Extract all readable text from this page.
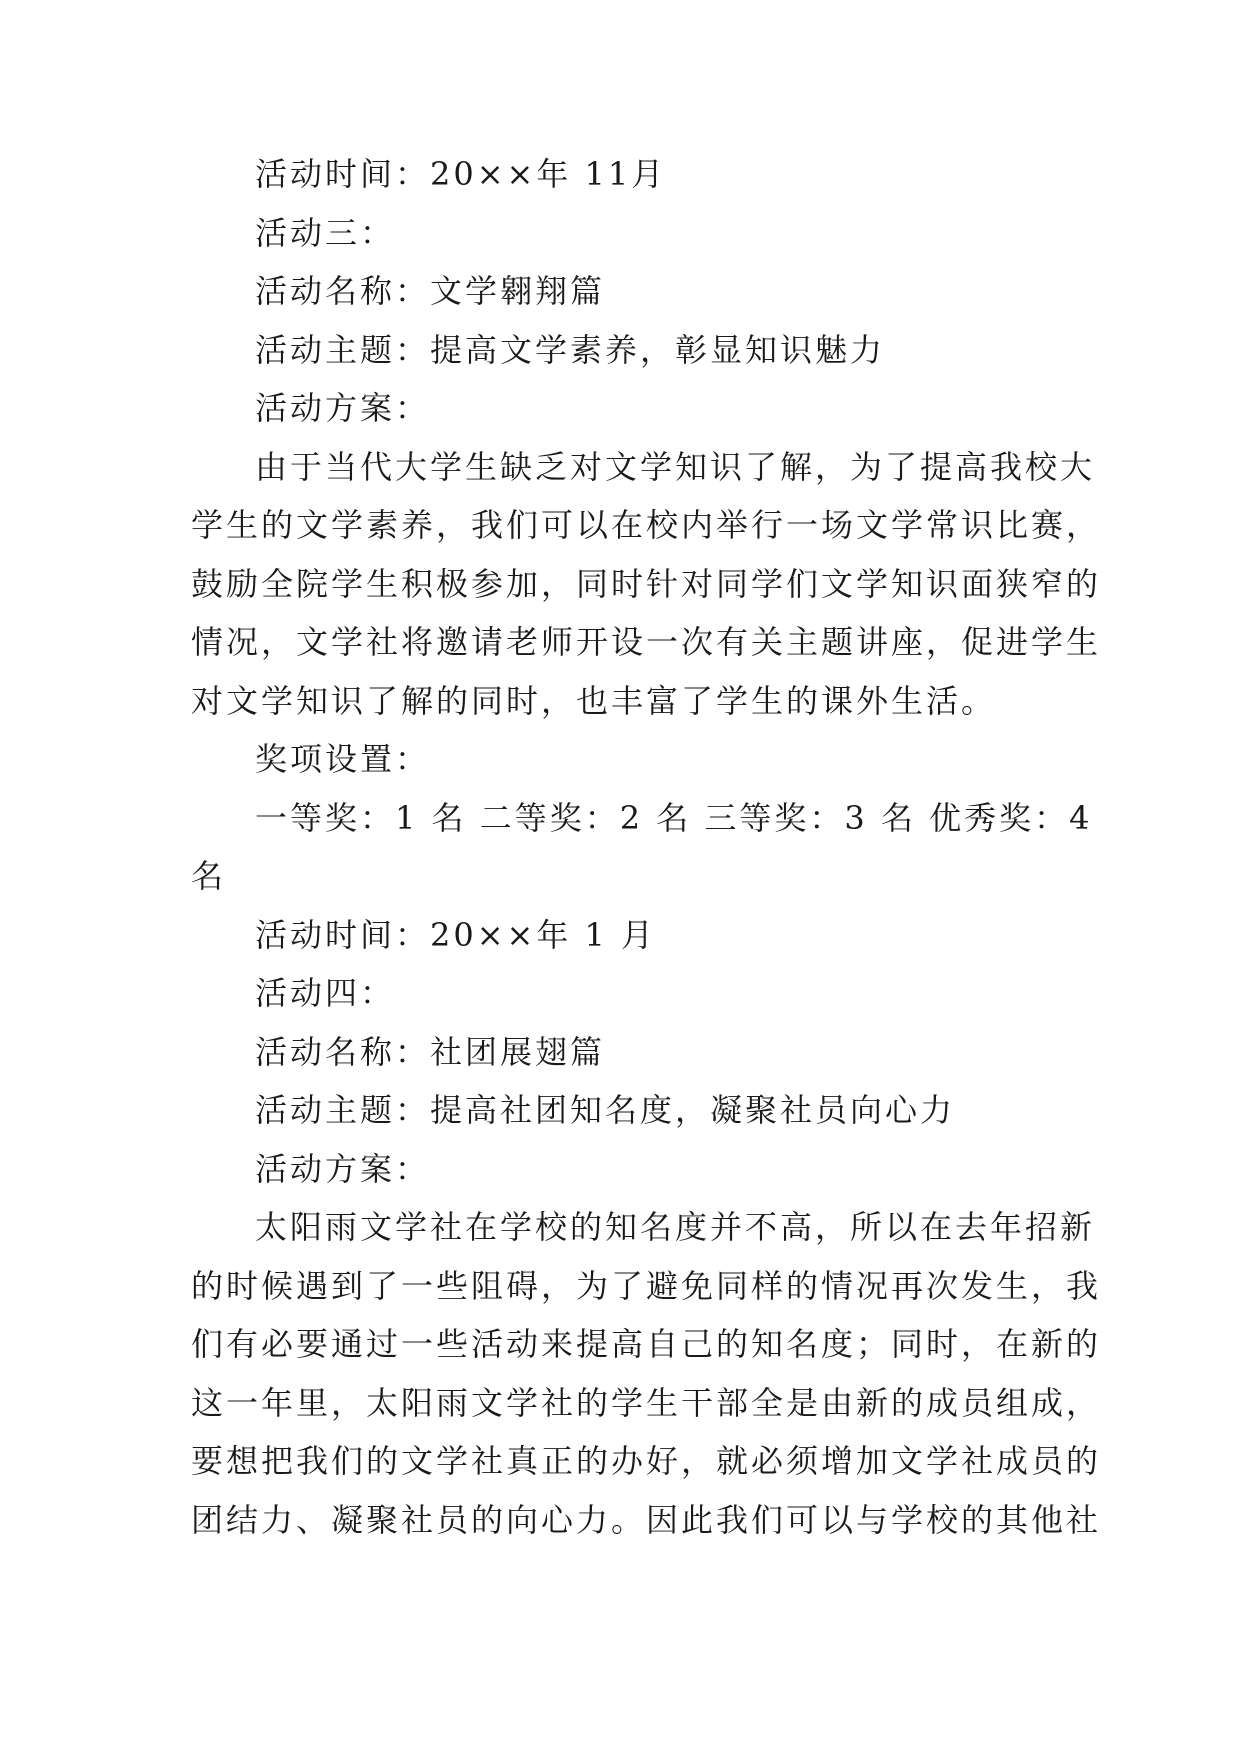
活动时间：20××年 11月
活动三：
活动名称：文学翱翔篇
活动主题：提高文学素养，彰显知识魅力
活动方案：
由于当代大学生缺乏对文学知识了解，为了提高我校大
学生的文学素养，我们可以在校内举行一场文学常识比赛，
鼓励全院学生积极参加，同时针对同学们文学知识面狭窄的
情况，文学社将邀请老师开设一次有关主题讲座，促进学生
对文学知识了解的同时，也丰富了学生的课外生活。
奖项设置：
一等奖：1 名 二等奖：2 名 三等奖：3 名 优秀奖：4
名
活动时间：20××年 1 月
活动四：
活动名称：社团展翅篇
活动主题：提高社团知名度，凝聚社员向心力
活动方案：
太阳雨文学社在学校的知名度并不高，所以在去年招新
的时候遇到了一些阻碍，为了避免同样的情况再次发生，我
们有必要通过一些活动来提高自己的知名度；同时，在新的
这一年里，太阳雨文学社的学生干部全是由新的成员组成，
要想把我们的文学社真正的办好，就必须增加文学社成员的
团结力、凝聚社员的向心力。因此我们可以与学校的其他社
